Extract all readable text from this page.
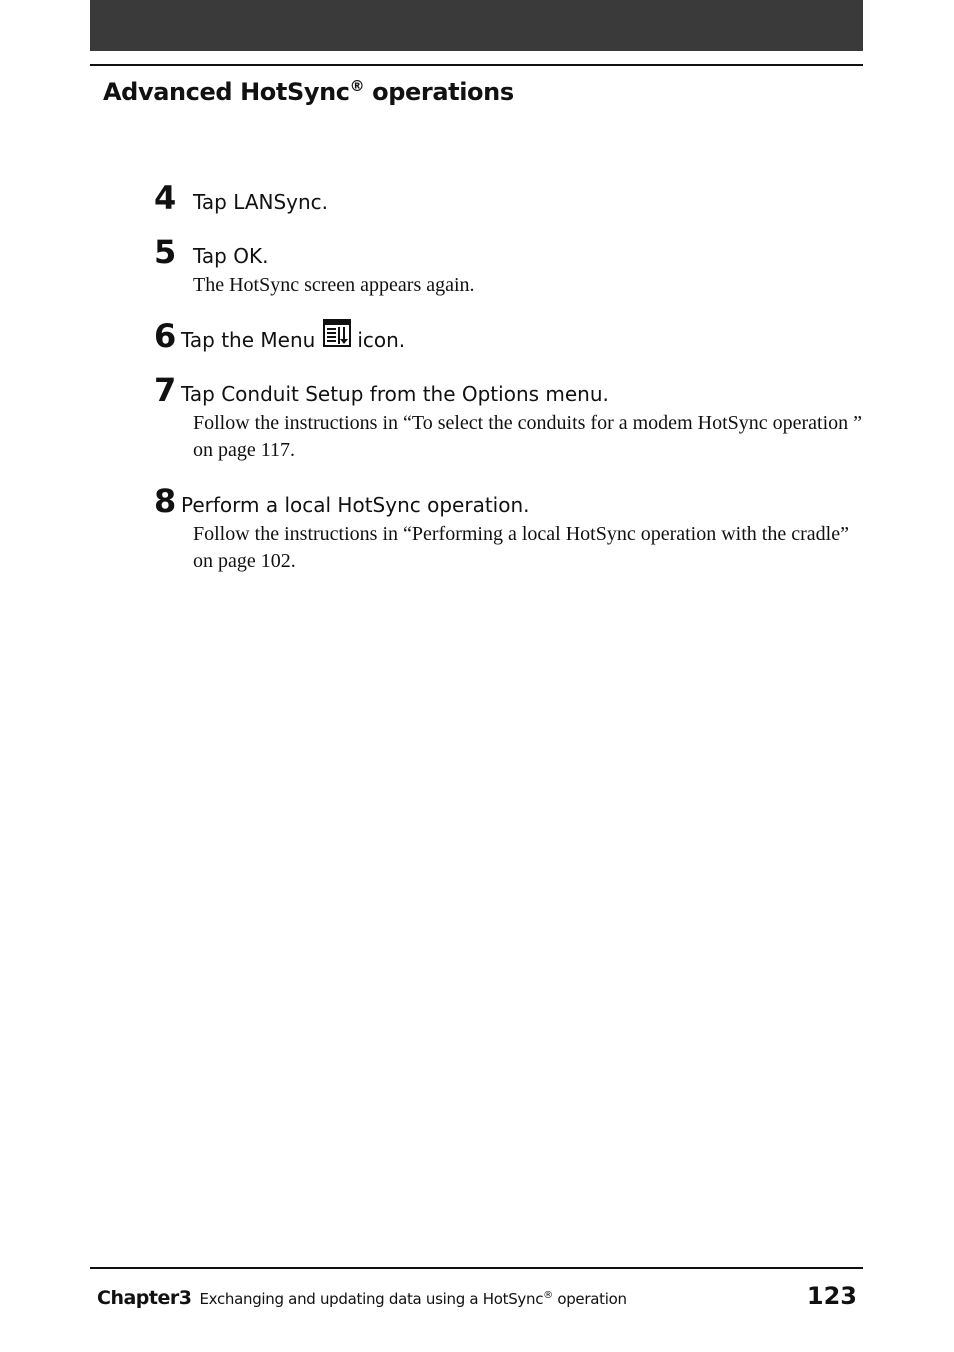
Advanced HotSync® operations
4 Tap LANSync.
5 Tap OK.
The HotSync screen appears again.
6 Tap the Menu icon.
7 Tap Conduit Setup from the Options menu.
Follow the instructions in “To select the conduits for a modem HotSync operation ” on page 117.
8 Perform a local HotSync operation.
Follow the instructions in “Performing a local HotSync operation with the cradle” on page 102.
Chapter3 Exchanging and updating data using a HotSync® operation	123
